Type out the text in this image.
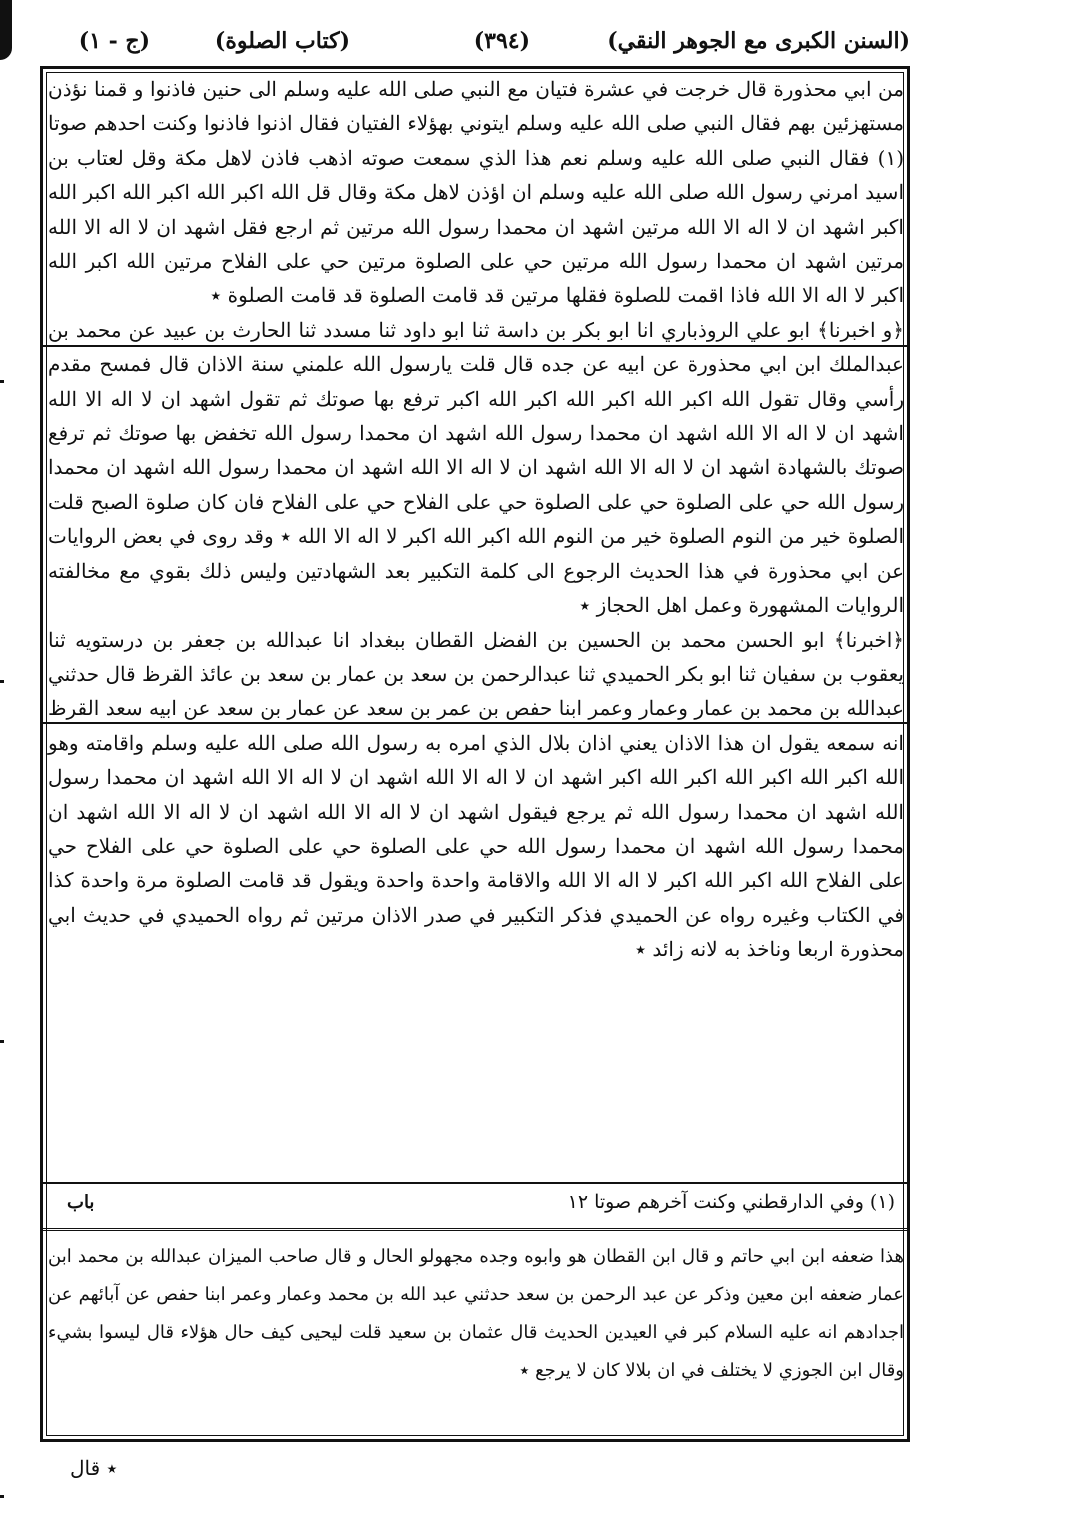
(السنن الكبرى مع الجوهر النقي)
(٣٩٤)
(كتاب الصلوة)
(ج - ١)

من ابي محذورة قال خرجت في عشرة فتيان مع النبي صلى الله عليه وسلم الى حنين فاذنوا و قمنا نؤذن مستهزئين بهم فقال النبي صلى الله عليه وسلم ايتوني بهؤلاء الفتيان فقال اذنوا فاذنوا وكنت احدهم صوتا (١) فقال النبي صلى الله عليه وسلم نعم هذا الذي سمعت صوته اذهب فاذن لاهل مكة وقل لعتاب بن اسيد امرني رسول الله صلى الله عليه وسلم ان اؤذن لاهل مكة وقال قل الله اكبر الله اكبر الله اكبر الله اكبر اشهد ان لا اله الا الله مرتين اشهد ان محمدا رسول الله مرتين ثم ارجع فقل اشهد ان لا اله الا الله مرتين اشهد ان محمدا رسول الله مرتين حي على الصلوة مرتين حي على الفلاح مرتين الله اكبر الله اكبر لا اله الا الله فاذا اقمت للصلوة فقلها مرتين قد قامت الصلوة قد قامت الصلوة ٭

﴿و اخبرنا﴾ ابو علي الروذباري انا ابو بكر بن داسة ثنا ابو داود ثنا مسدد ثنا الحارث بن عبيد عن محمد بن عبدالملك ابن ابي محذورة عن ابيه عن جده قال قلت يارسول الله علمني سنة الاذان قال فمسح مقدم رأسي وقال تقول الله اكبر الله اكبر الله اكبر الله اكبر ترفع بها صوتك ثم تقول اشهد ان لا اله الا الله اشهد ان لا اله الا الله اشهد ان محمدا رسول الله اشهد ان محمدا رسول الله تخفض بها صوتك ثم ترفع صوتك بالشهادة اشهد ان لا اله الا الله اشهد ان لا اله الا الله اشهد ان محمدا رسول الله اشهد ان محمدا رسول الله حي على الصلوة حي على الصلوة حي على الفلاح حي على الفلاح فان كان صلوة الصبح قلت الصلوة خير من النوم الصلوة خير من النوم الله اكبر الله اكبر لا اله الا الله ٭ وقد روى في بعض الروايات عن ابي محذورة في هذا الحديث الرجوع الى كلمة التكبير بعد الشهادتين وليس ذلك بقوي مع مخالفته الروايات المشهورة وعمل اهل الحجاز ٭

﴿اخبرنا﴾ ابو الحسن محمد بن الحسين بن الفضل القطان ببغداد انا عبدالله بن جعفر بن درستويه ثنا يعقوب بن سفيان ثنا ابو بكر الحميدي ثنا عبدالرحمن بن سعد بن عمار بن سعد بن عائذ القرظ قال حدثني عبدالله بن محمد بن عمار وعمار وعمر ابنا حفص بن عمر بن سعد عن عمار بن سعد عن ابيه سعد القرظ انه سمعه يقول ان هذا الاذان يعني اذان بلال الذي امره به رسول الله صلى الله عليه وسلم واقامته وهو الله اكبر الله اكبر الله اكبر الله اكبر اشهد ان لا اله الا الله اشهد ان لا اله الا الله اشهد ان محمدا رسول الله اشهد ان محمدا رسول الله ثم يرجع فيقول اشهد ان لا اله الا الله اشهد ان لا اله الا الله اشهد ان محمدا رسول الله اشهد ان محمدا رسول الله حي على الصلوة حي على الصلوة حي على الفلاح حي على الفلاح الله اكبر الله اكبر لا اله الا الله والاقامة واحدة واحدة ويقول قد قامت الصلوة مرة واحدة كذا في الكتاب وغيره رواه عن الحميدي فذكر التكبير في صدر الاذان مرتين ثم رواه الحميدي في حديث ابي محذورة اربعا وناخذ به لانه زائد ٭

(١) وفي الدارقطني وكنت آخرهم صوتا ١٢
باب
هذا ضعفه ابن ابي حاتم و قال ابن القطان هو وابوه وجده مجهولو الحال و قال صاحب الميزان عبدالله بن محمد ابن عمار ضعفه ابن معين وذكر عن عبد الرحمن بن سعد حدثني عبد الله بن محمد وعمار وعمر ابنا حفص عن آبائهم عن اجدادهم انه عليه السلام كبر في العيدين الحديث قال عثمان بن سعيد قلت ليحيى كيف حال هؤلاء قال ليسوا بشيء وقال ابن الجوزي لا يختلف في ان بلالا كان لا يرجع ٭
٭ قال
